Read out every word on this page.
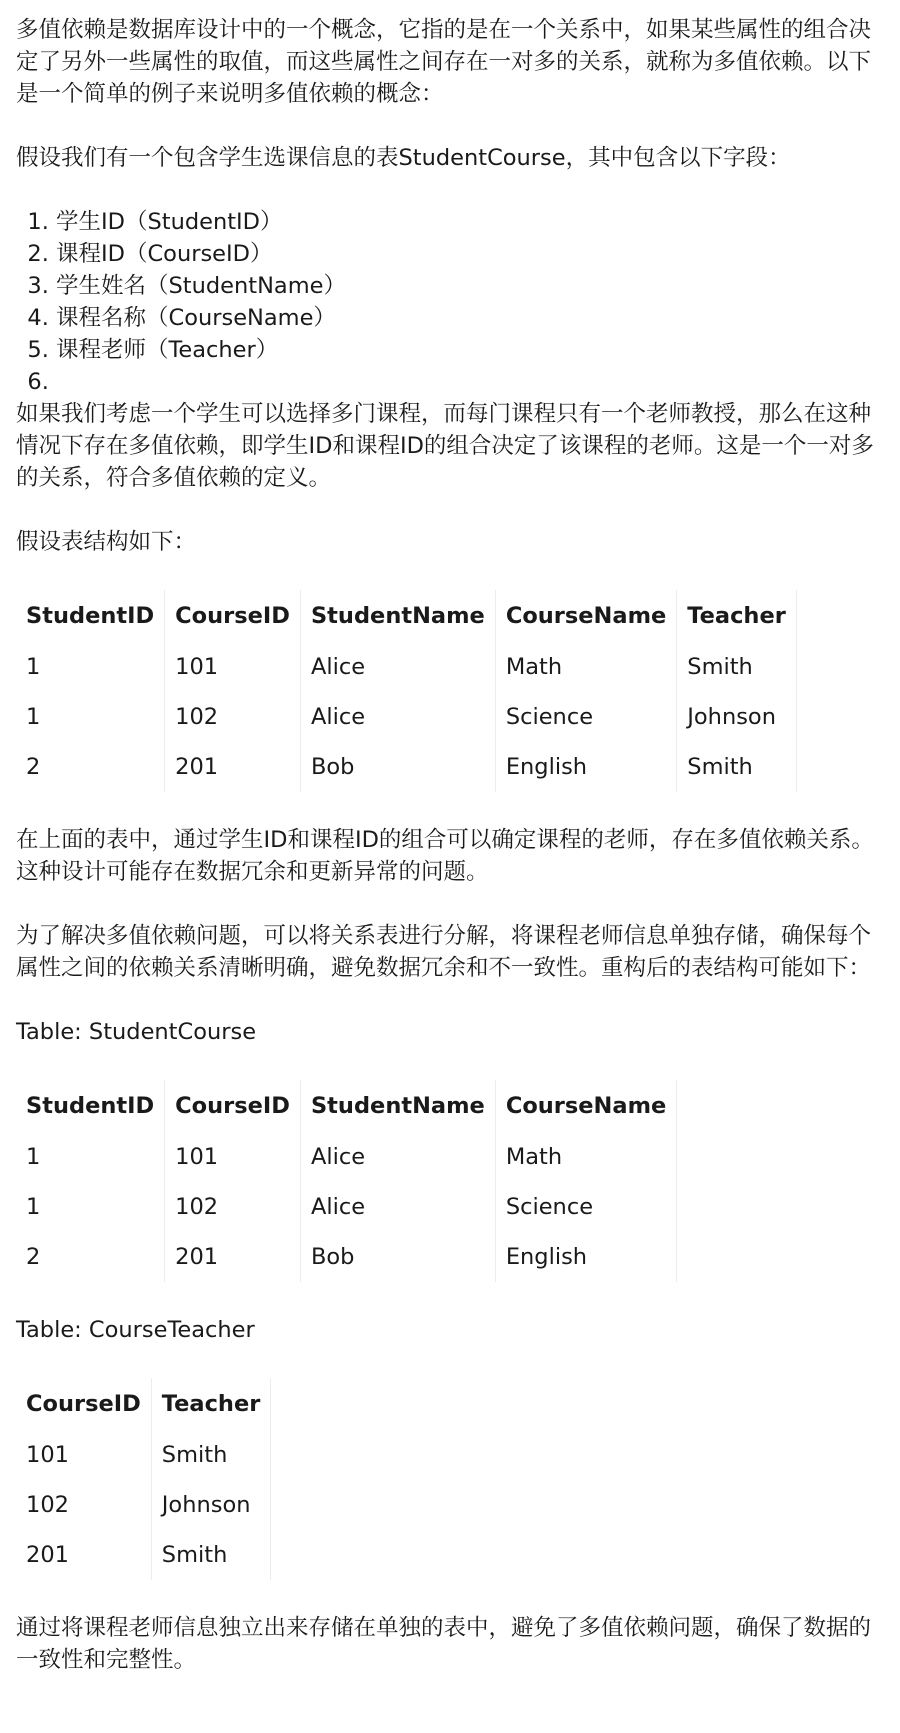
多值依赖是数据库设计中的一个概念，它指的是在一个关系中，如果某些属性的组合决定了另外一些属性的取值，而这些属性之间存在一对多的关系，就称为多值依赖。以下是一个简单的例子来说明多值依赖的概念：

假设我们有一个包含学生选课信息的表StudentCourse，其中包含以下字段：

1. 学生ID（StudentID）
2. 课程ID（CourseID）
3. 学生姓名（StudentName）
4. 课程名称（CourseName）
5. 课程老师（Teacher）
6.

如果我们考虑一个学生可以选择多门课程，而每门课程只有一个老师教授，那么在这种情况下存在多值依赖，即学生ID和课程ID的组合决定了该课程的老师。这是一个一对多的关系，符合多值依赖的定义。

假设表结构如下：

StudentID	CourseID	StudentName	CourseName	Teacher
1	101	Alice	Math	Smith
1	102	Alice	Science	Johnson
2	201	Bob	English	Smith

在上面的表中，通过学生ID和课程ID的组合可以确定课程的老师，存在多值依赖关系。这种设计可能存在数据冗余和更新异常的问题。

为了解决多值依赖问题，可以将关系表进行分解，将课程老师信息单独存储，确保每个属性之间的依赖关系清晰明确，避免数据冗余和不一致性。重构后的表结构可能如下：

Table: StudentCourse
StudentID	CourseID	StudentName	CourseName
1	101	Alice	Math
1	102	Alice	Science
2	201	Bob	English
Table: CourseTeacher
CourseID	Teacher
101	Smith
102	Johnson
201	Smith

通过将课程老师信息独立出来存储在单独的表中，避免了多值依赖问题，确保了数据的一致性和完整性。
